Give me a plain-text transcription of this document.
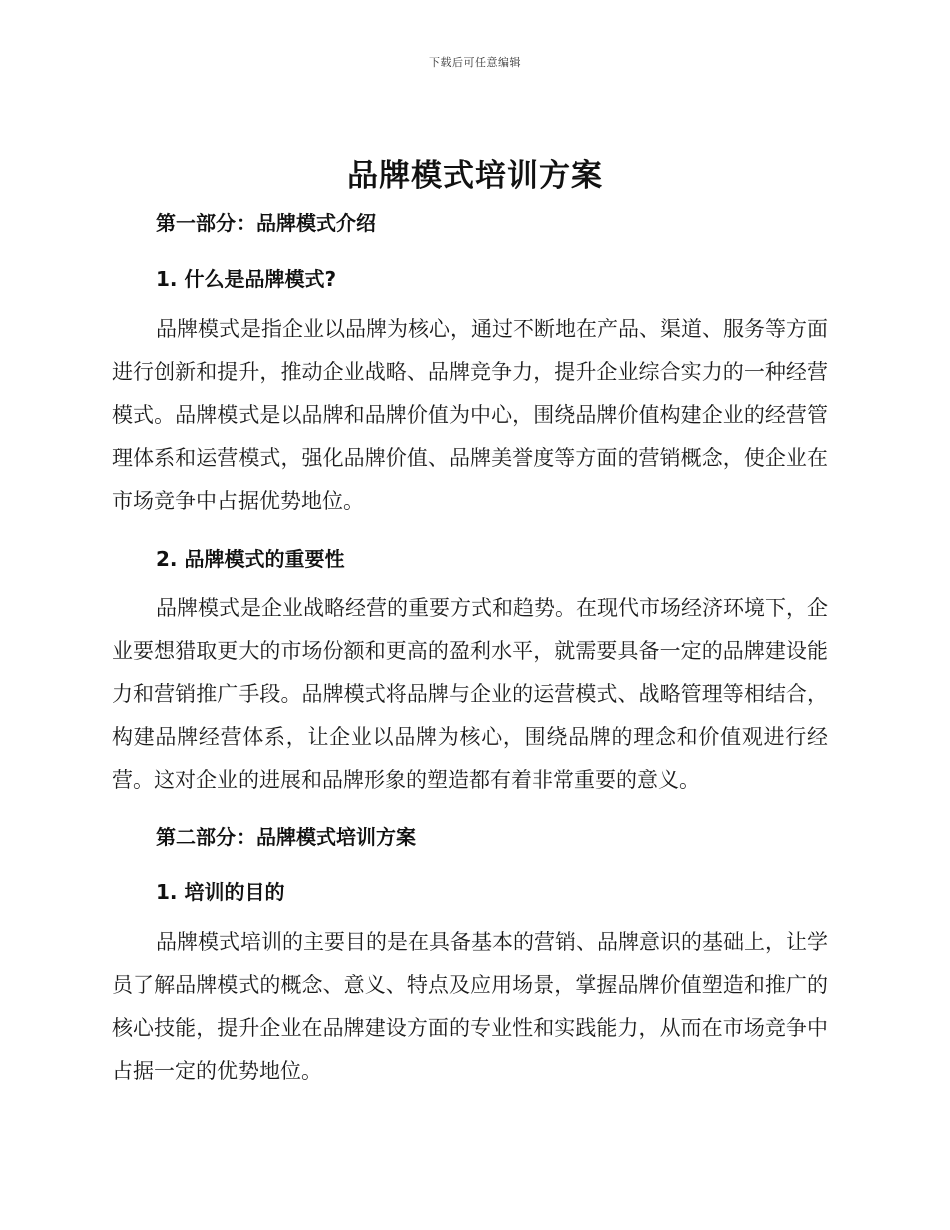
下载后可任意编辑
品牌模式培训方案
第一部分：品牌模式介绍
1. 什么是品牌模式?
品牌模式是指企业以品牌为核心，通过不断地在产品、渠道、服务等方面进行创新和提升，推动企业战略、品牌竞争力，提升企业综合实力的一种经营模式。品牌模式是以品牌和品牌价值为中心，围绕品牌价值构建企业的经营管理体系和运营模式，强化品牌价值、品牌美誉度等方面的营销概念，使企业在市场竞争中占据优势地位。
2. 品牌模式的重要性
品牌模式是企业战略经营的重要方式和趋势。在现代市场经济环境下，企业要想猎取更大的市场份额和更高的盈利水平，就需要具备一定的品牌建设能力和营销推广手段。品牌模式将品牌与企业的运营模式、战略管理等相结合，构建品牌经营体系，让企业以品牌为核心，围绕品牌的理念和价值观进行经营。这对企业的进展和品牌形象的塑造都有着非常重要的意义。
第二部分：品牌模式培训方案
1. 培训的目的
品牌模式培训的主要目的是在具备基本的营销、品牌意识的基础上，让学员了解品牌模式的概念、意义、特点及应用场景，掌握品牌价值塑造和推广的核心技能，提升企业在品牌建设方面的专业性和实践能力，从而在市场竞争中占据一定的优势地位。
